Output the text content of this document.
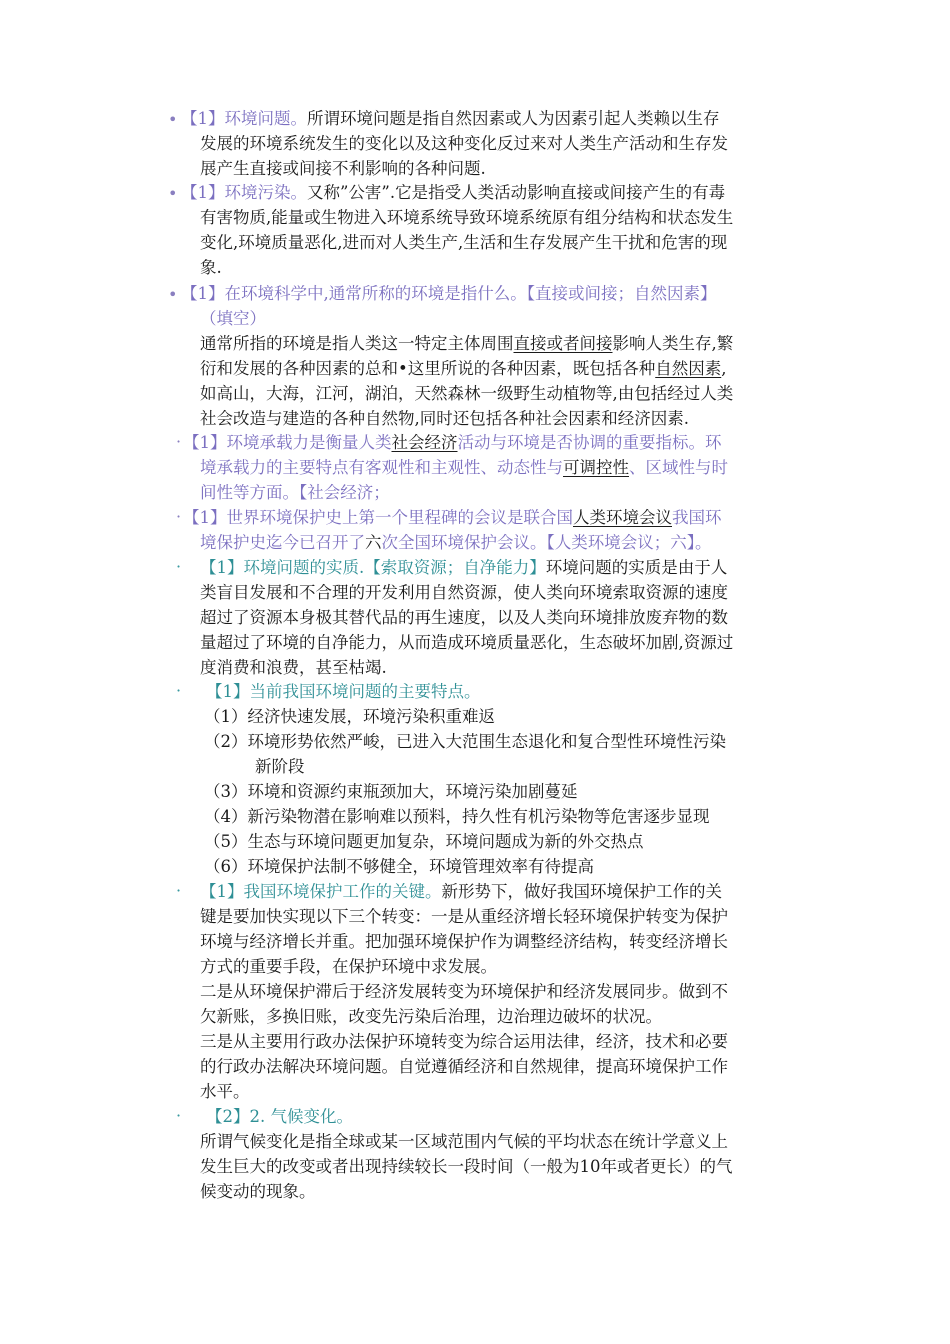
• 【1】环境问题。所谓环境问题是指自然因素或人为因素引起人类赖以生存
发展的环境系统发生的变化以及这种变化反过来对人类生产活动和生存发
展产生直接或间接不利影响的各种问题.
• 【1】环境污染。又称”公害”.它是指受人类活动影响直接或间接产生的有毒
有害物质,能量或生物进入环境系统导致环境系统原有组分结构和状态发生
变化,环境质量恶化,进而对人类生产,生活和生存发展产生干扰和危害的现
象.
• 【1】在环境科学中,通常所称的环境是指什么。【直接或间接；自然因素】
（填空）
通常所指的环境是指人类这一特定主体周围直接或者间接影响人类生存,繁
衍和发展的各种因素的总和•这里所说的各种因素，既包括各种自然因素,
如高山，大海，江河，湖泊，天然森林一级野生动植物等,由包括经过人类
社会改造与建造的各种自然物,同时还包括各种社会因素和经济因素.
· 【1】环境承载力是衡量人类社会经济活动与环境是否协调的重要指标。环
境承载力的主要特点有客观性和主观性、动态性与可调控性、区域性与时
间性等方面。【社会经济；
· 【1】世界环境保护史上第一个里程碑的会议是联合国人类环境会议我国环
境保护史迄今已召开了六次全国环境保护会议。【人类环境会议；六】。
· 【1】环境问题的实质.【索取资源；自净能力】环境问题的实质是由于人
类盲目发展和不合理的开发利用自然资源，使人类向环境索取资源的速度
超过了资源本身极其替代品的再生速度，以及人类向环境排放废弃物的数
量超过了环境的自净能力，从而造成环境质量恶化，生态破坏加剧,资源过
度消费和浪费，甚至枯竭.
· 【1】当前我国环境问题的主要特点。
（1）经济快速发展，环境污染积重难返
（2）环境形势依然严峻，已进入大范围生态退化和复合型性环境性污染
新阶段
（3）环境和资源约束瓶颈加大，环境污染加剧蔓延
（4）新污染物潜在影响难以预料，持久性有机污染物等危害逐步显现
（5）生态与环境问题更加复杂，环境问题成为新的外交热点
（6）环境保护法制不够健全，环境管理效率有待提高
· 【1】我国环境保护工作的关键。新形势下，做好我国环境保护工作的关
键是要加快实现以下三个转变：一是从重经济增长轻环境保护转变为保护
环境与经济增长并重。把加强环境保护作为调整经济结构，转变经济增长
方式的重要手段，在保护环境中求发展。
二是从环境保护滞后于经济发展转变为环境保护和经济发展同步。做到不
欠新账，多换旧账，改变先污染后治理，边治理边破坏的状况。
三是从主要用行政办法保护环境转变为综合运用法律，经济，技术和必要
的行政办法解决环境问题。自觉遵循经济和自然规律，提高环境保护工作
水平。
· 【2】2. 气候变化。
所谓气候变化是指全球或某一区域范围内气候的平均状态在统计学意义上
发生巨大的改变或者出现持续较长一段时间（一般为10年或者更长）的气
候变动的现象。
